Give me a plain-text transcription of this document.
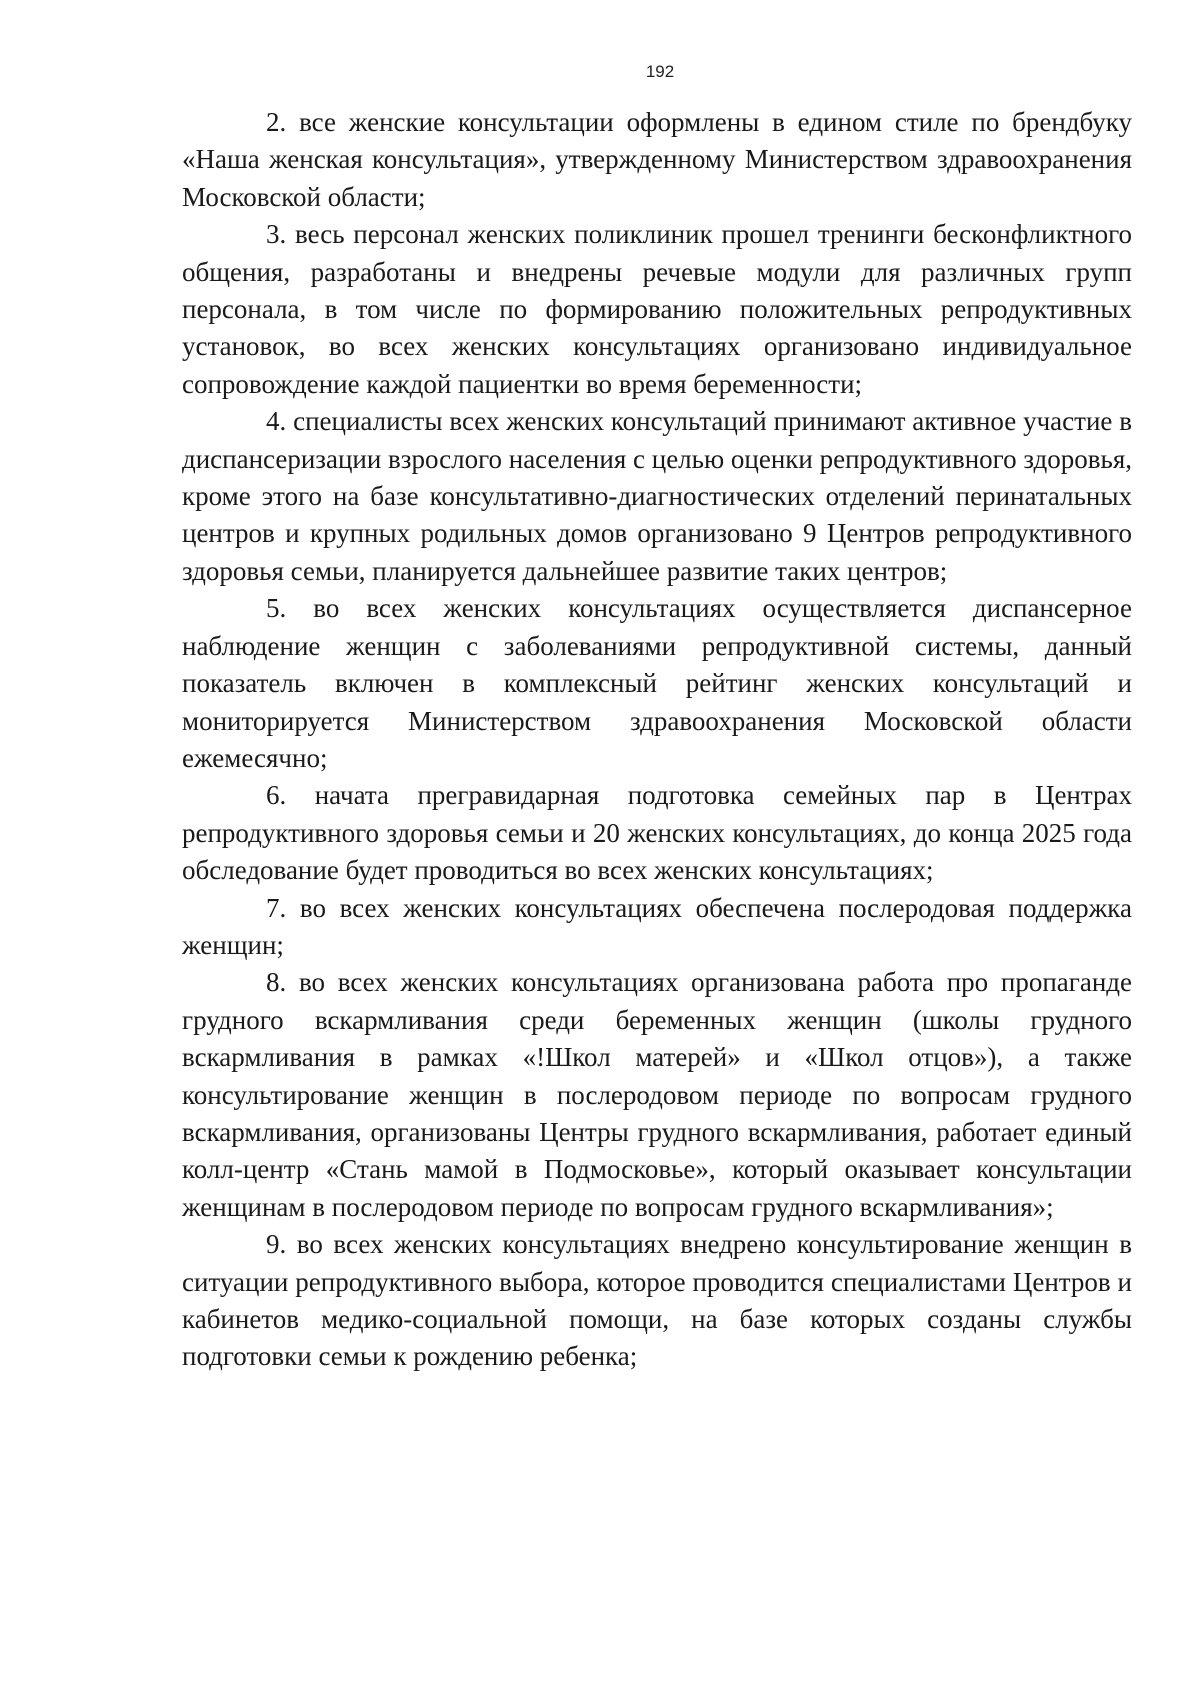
192

2. все женские консультации оформлены в едином стиле по брендбуку «Наша женская консультация», утвержденному Министерством здравоохранения Московской области;

3. весь персонал женских поликлиник прошел тренинги бесконфликтного общения, разработаны и внедрены речевые модули для различных групп персонала, в том числе по формированию положительных репродуктивных установок, во всех женских консультациях организовано индивидуальное сопровождение каждой пациентки во время беременности;

4. специалисты всех женских консультаций принимают активное участие в диспансеризации взрослого населения с целью оценки репродуктивного здоровья, кроме этого на базе консультативно-диагностических отделений перинатальных центров и крупных родильных домов организовано 9 Центров репродуктивного здоровья семьи, планируется дальнейшее развитие таких центров;

5. во всех женских консультациях осуществляется диспансерное наблюдение женщин с заболеваниями репродуктивной системы, данный показатель включен в комплексный рейтинг женских консультаций и мониторируется Министерством здравоохранения Московской области ежемесячно;

6. начата прегравидарная подготовка семейных пар в Центрах репродуктивного здоровья семьи и 20 женских консультациях, до конца 2025 года обследование будет проводиться во всех женских консультациях;

7. во всех женских консультациях обеспечена послеродовая поддержка женщин;

8. во всех женских консультациях организована работа про пропаганде грудного вскармливания среди беременных женщин (школы грудного вскармливания в рамках «!Школ матерей» и «Школ отцов»), а также консультирование женщин в послеродовом периоде по вопросам грудного вскармливания, организованы Центры грудного вскармливания, работает единый колл-центр «Стань мамой в Подмосковье», который оказывает консультации женщинам в послеродовом периоде по вопросам грудного вскармливания»;

9. во всех женских консультациях внедрено консультирование женщин в ситуации репродуктивного выбора, которое проводится специалистами Центров и кабинетов медико-социальной помощи, на базе которых созданы службы подготовки семьи к рождению ребенка;
